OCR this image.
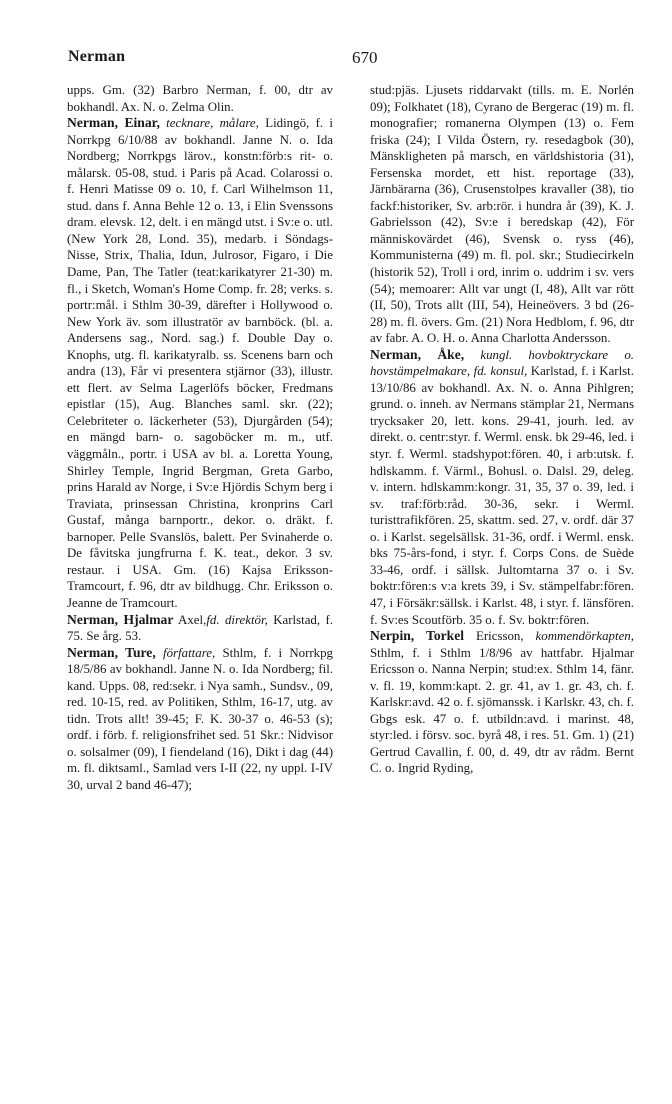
Nerman	670

upps. Gm. (32) Barbro Nerman, f. 00, dtr av bokhandl. Ax. N. o. Zelma Olin.

Nerman, Einar, tecknare, målare, Lidingö, f. i Norrkpg 6/10/88 av bokhandl. Janne N. o. Ida Nordberg; Norrkpgs lärov., konstn:förb:s rit- o. målarsk. 05-08, stud. i Paris på Acad. Colarossi o. f. Henri Matisse 09 o. 10, f. Carl Wilhelmson 11, stud. dans f. Anna Behle 12 o. 13, i Elin Svenssons dram. elevsk. 12, delt. i en mängd utst. i Sv:e o. utl. (New York 28, Lond. 35), medarb. i Söndags-Nisse, Strix, Thalia, Idun, Julrosor, Figaro, i Die Dame, Pan, The Tatler (teat:karikatyrer 21-30) m. fl., i Sketch, Woman's Home Comp. fr. 28; verks. s. portr:mål. i Sthlm 30-39, därefter i Hollywood o. New York äv. som illustratör av barnböck. (bl. a. Andersens sag., Nord. sag.) f. Double Day o. Knophs, utg. fl. karikatyralb. ss. Scenens barn och andra (13), Får vi presentera stjärnor (33), illustr. ett flert. av Selma Lagerlöfs böcker, Fredmans epistlar (15), Aug. Blanches saml. skr. (22); Celebriteter o. läckerheter (53), Djurgården (54); en mängd barn- o. sagoböcker m. m., utf. väggmåln., portr. i USA av bl. a. Loretta Young, Shirley Temple, Ingrid Bergman, Greta Garbo, prins Harald av Norge, i Sv:e Hjördis Schym berg i Traviata, prinsessan Christina, kronprins Carl Gustaf, många barnportr., dekor. o. dräkt. f. barnoper. Pelle Svanslös, balett. Per Svinaherde o. De fåvitska jungfrurna f. K. teat., dekor. 3 sv. restaur. i USA. Gm. (16) Kajsa Eriksson-Tramcourt, f. 96, dtr av bildhugg. Chr. Eriksson o. Jeanne de Tramcourt.

Nerman, Hjalmar Axel,fd. direktör, Karlstad, f. 75. Se årg. 53.

Nerman, Ture, författare, Sthlm, f. i Norrkpg 18/5/86 av bokhandl. Janne N. o. Ida Nordberg; fil. kand. Upps. 08, red:sekr. i Nya samh., Sundsv., 09, red. 10-15, red. av Politiken, Sthlm, 16-17, utg. av tidn. Trots allt! 39-45; F. K. 30-37 o. 46-53 (s); ordf. i förb. f. religionsfrihet sed. 51 Skr.: Nidvisor o. solsalmer (09), I fiendeland (16), Dikt i dag (44) m. fl. diktsaml., Samlad vers I-II (22, ny uppl. I-IV 30, urval 2 band 46-47);

stud:pjäs. Ljusets riddarvakt (tills. m. E. Norlén 09); Folkhatet (18), Cyrano de Bergerac (19) m. fl. monografier; romanerna Olympen (13) o. Fem friska (24); I Vilda Östern, ry. resedagbok (30), Mänskligheten på marsch, en världshistoria (31), Fersenska mordet, ett hist. reportage (33), Järnbärarna (36), Crusenstolpes kravaller (38), tio fackf:historiker, Sv. arb:rör. i hundra år (39), K. J. Gabrielsson (42), Sv:e i beredskap (42), För människovärdet (46), Svensk o. ryss (46), Kommunisterna (49) m. fl. pol. skr.; Studiecirkeln (historik 52), Troll i ord, inrim o. uddrim i sv. vers (54); memoarer: Allt var ungt (I, 48), Allt var rött (II, 50), Trots allt (III, 54), Heineövers. 3 bd (26-28) m. fl. övers. Gm. (21) Nora Hedblom, f. 96, dtr av fabr. A. O. H. o. Anna Charlotta Andersson.

Nerman, Åke, kungl. hovboktryckare o. hovstämpelmakare, fd. konsul, Karlstad, f. i Karlst. 13/10/86 av bokhandl. Ax. N. o. Anna Pihlgren; grund. o. inneh. av Nermans stämplar 21, Nermans trycksaker 20, lett. kons. 29-41, jourh. led. av direkt. o. centr:styr. f. Werml. ensk. bk 29-46, led. i styr. f. Werml. stadshypot:fören. 40, i arb:utsk. f. hdlskamm. f. Värml., Bohusl. o. Dalsl. 29, deleg. v. intern. hdlskamm:kongr. 31, 35, 37 o. 39, led. i sv. traf:förb:råd. 30-36, sekr. i Werml. turisttrafikfören. 25, skattm. sed. 27, v. ordf. där 37 o. i Karlst. segelsällsk. 31-36, ordf. i Werml. ensk. bks 75-års-fond, i styr. f. Corps Cons. de Suède 33-46, ordf. i sällsk. Jultomtarna 37 o. i Sv. boktr:fören:s v:a krets 39, i Sv. stämpelfabr:fören. 47, i Försäkr:sällsk. i Karlst. 48, i styr. f. länsfören. f. Sv:es Scoutförb. 35 o. f. Sv. boktr:fören.

Nerpin, Torkel Ericsson, kommendörkapten, Sthlm, f. i Sthlm 1/8/96 av hattfabr. Hjalmar Ericsson o. Nanna Nerpin; stud:ex. Sthlm 14, fänr. v. fl. 19, komm:kapt. 2. gr. 41, av 1. gr. 43, ch. f. Karlskr:avd. 42 o. f. sjömanssk. i Karlskr. 43, ch. f. Gbgs esk. 47 o. f. utbildn:avd. i marinst. 48, styr:led. i försv. soc. byrå 48, i res. 51. Gm. 1) (21) Gertrud Cavallin, f. 00, d. 49, dtr av rådm. Bernt C. o. Ingrid Ryding,
